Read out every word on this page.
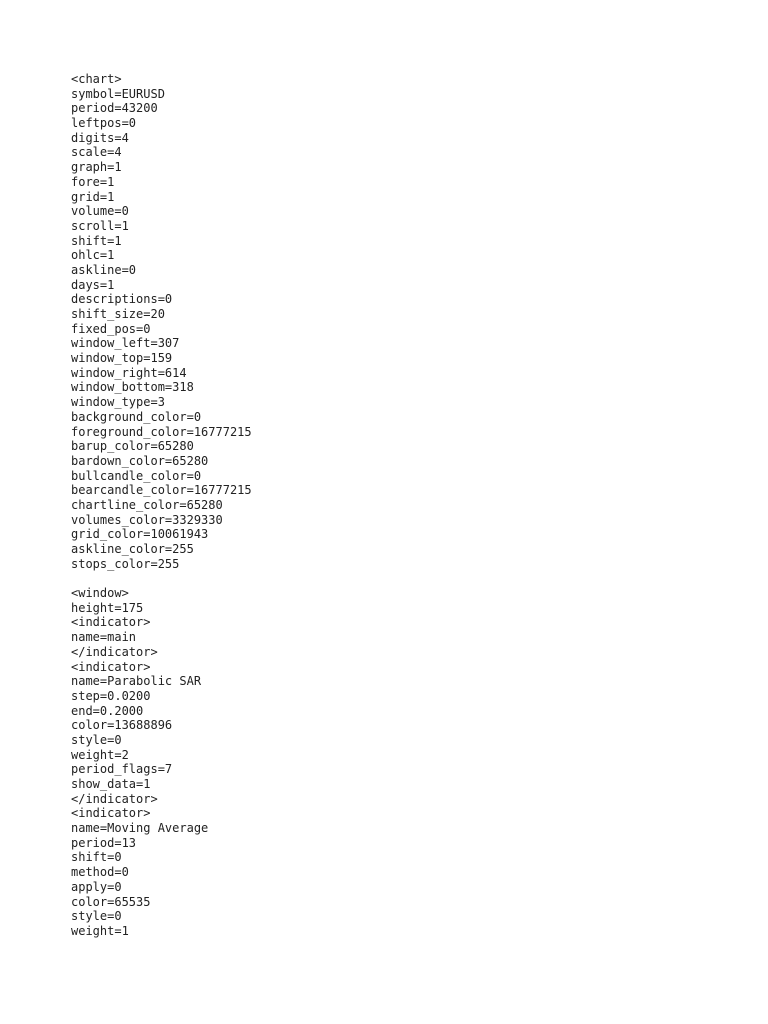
<chart>
symbol=EURUSD
period=43200
leftpos=0
digits=4
scale=4
graph=1
fore=1
grid=1
volume=0
scroll=1
shift=1
ohlc=1
askline=0
days=1
descriptions=0
shift_size=20
fixed_pos=0
window_left=307
window_top=159
window_right=614
window_bottom=318
window_type=3
background_color=0
foreground_color=16777215
barup_color=65280
bardown_color=65280
bullcandle_color=0
bearcandle_color=16777215
chartline_color=65280
volumes_color=3329330
grid_color=10061943
askline_color=255
stops_color=255
<window>
height=175
<indicator>
name=main
</indicator>
<indicator>
name=Parabolic SAR
step=0.0200
end=0.2000
color=13688896
style=0
weight=2
period_flags=7
show_data=1
</indicator>
<indicator>
name=Moving Average
period=13
shift=0
method=0
apply=0
color=65535
style=0
weight=1
